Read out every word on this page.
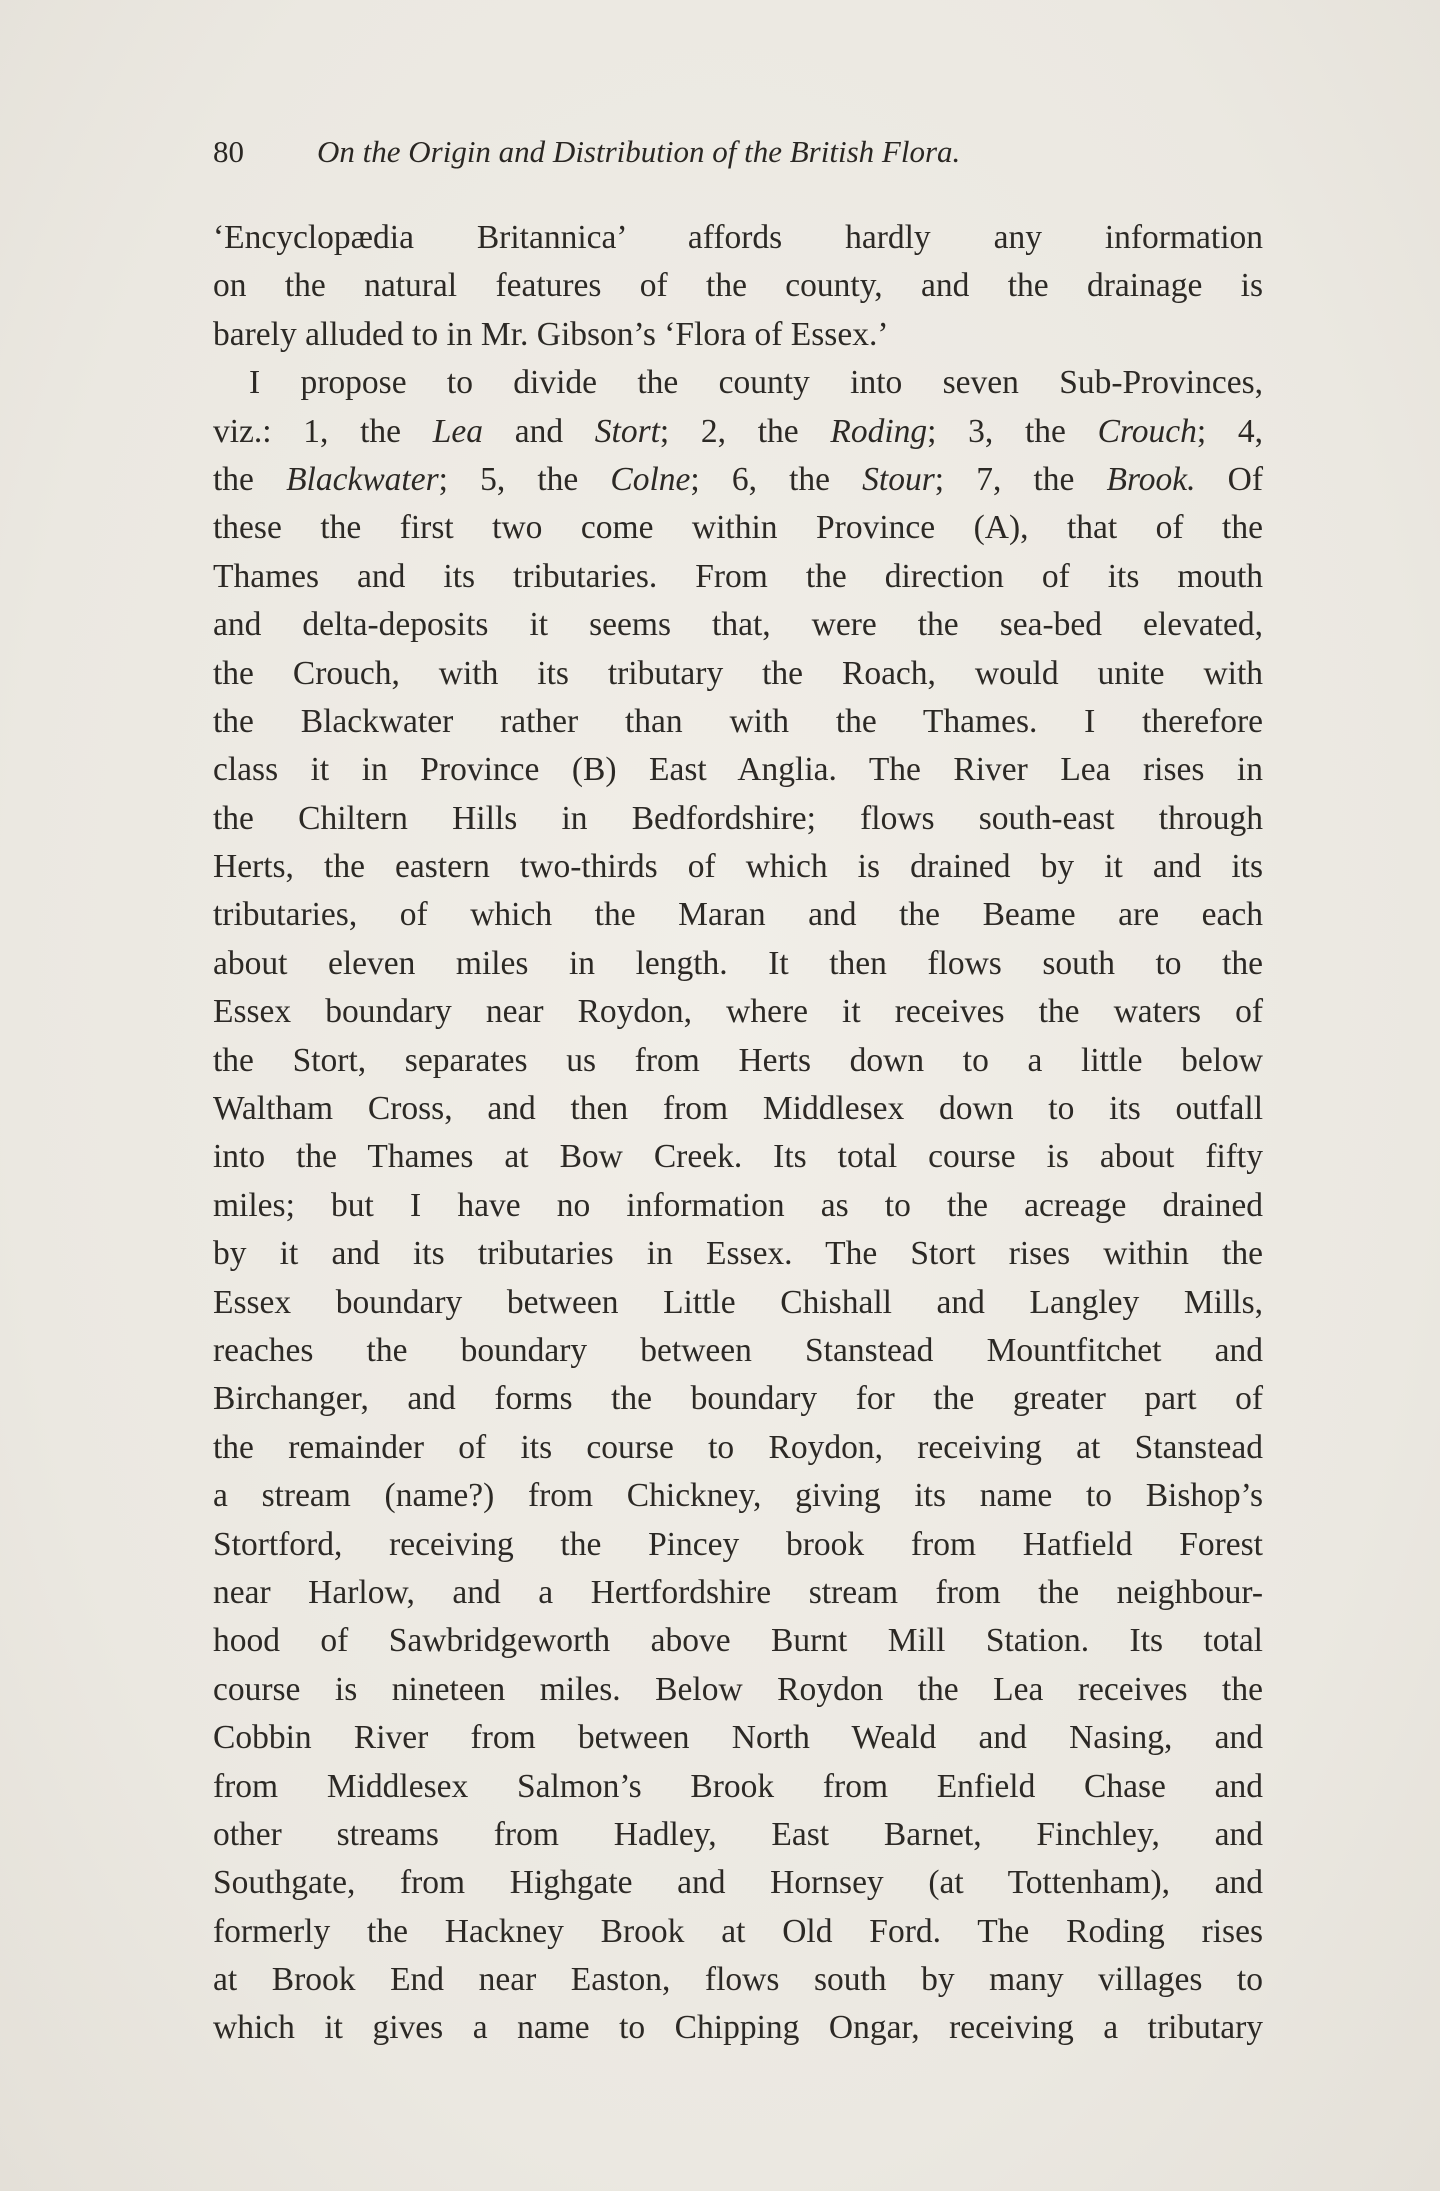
80 On the Origin and Distribution of the British Flora.
‘Encyclopædia Britannica’ affords hardly any information
on the natural features of the county, and the drainage is
barely alluded to in Mr. Gibson’s ‘Flora of Essex.’
I propose to divide the county into seven Sub-Provinces,
viz.: 1, the Lea and Stort; 2, the Roding; 3, the Crouch; 4,
the Blackwater; 5, the Colne; 6, the Stour; 7, the Brook. Of
these the first two come within Province (A), that of the
Thames and its tributaries. From the direction of its mouth
and delta-deposits it seems that, were the sea-bed elevated,
the Crouch, with its tributary the Roach, would unite with
the Blackwater rather than with the Thames. I therefore
class it in Province (B) East Anglia. The River Lea rises in
the Chiltern Hills in Bedfordshire; flows south-east through
Herts, the eastern two-thirds of which is drained by it and its
tributaries, of which the Maran and the Beame are each
about eleven miles in length. It then flows south to the
Essex boundary near Roydon, where it receives the waters of
the Stort, separates us from Herts down to a little below
Waltham Cross, and then from Middlesex down to its outfall
into the Thames at Bow Creek. Its total course is about fifty
miles; but I have no information as to the acreage drained
by it and its tributaries in Essex. The Stort rises within the
Essex boundary between Little Chishall and Langley Mills,
reaches the boundary between Stanstead Mountfitchet and
Birchanger, and forms the boundary for the greater part of
the remainder of its course to Roydon, receiving at Stanstead
a stream (name?) from Chickney, giving its name to Bishop’s
Stortford, receiving the Pincey brook from Hatfield Forest
near Harlow, and a Hertfordshire stream from the neighbour-
hood of Sawbridgeworth above Burnt Mill Station. Its total
course is nineteen miles. Below Roydon the Lea receives the
Cobbin River from between North Weald and Nasing, and
from Middlesex Salmon’s Brook from Enfield Chase and
other streams from Hadley, East Barnet, Finchley, and
Southgate, from Highgate and Hornsey (at Tottenham), and
formerly the Hackney Brook at Old Ford. The Roding rises
at Brook End near Easton, flows south by many villages to
which it gives a name to Chipping Ongar, receiving a tributary
